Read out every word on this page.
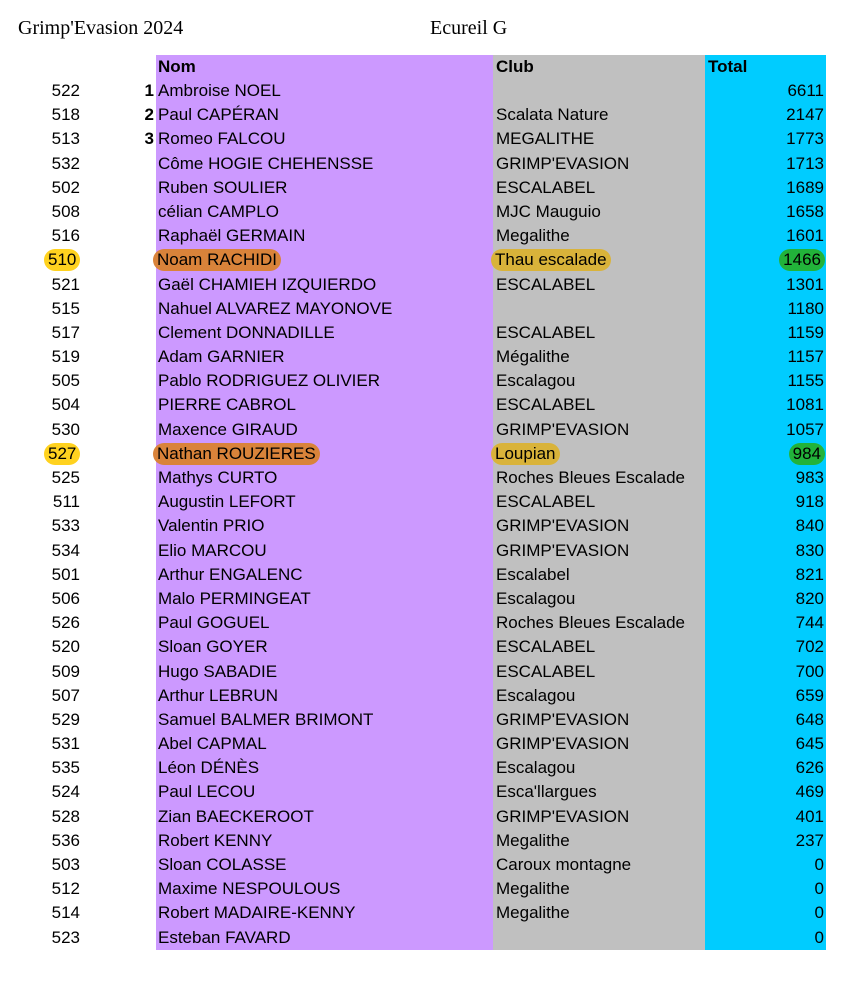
Grimp'Evasion 2024	Ecureil G
Nom	Club	Total
522	1 Ambroise NOEL	6611
518	2 Paul CAPÉRAN	Scalata Nature	2147
513	3 Romeo FALCOU	MEGALITHE	1773
532	Côme HOGIE CHEHENSSE	GRIMP'EVASION	1713
502	Ruben SOULIER	ESCALABEL	1689
508	célian CAMPLO	MJC Mauguio	1658
516	Raphaël GERMAIN	Megalithe	1601
510	Noam RACHIDI	Thau escalade	1466
521	Gaël CHAMIEH IZQUIERDO	ESCALABEL	1301
515	Nahuel ALVAREZ MAYONOVE	1180
517	Clement DONNADILLE	ESCALABEL	1159
519	Adam GARNIER	Mégalithe	1157
505	Pablo RODRIGUEZ OLIVIER	Escalagou	1155
504	PIERRE CABROL	ESCALABEL	1081
530	Maxence GIRAUD	GRIMP'EVASION	1057
527	Nathan ROUZIERES	Loupian	984
525	Mathys CURTO	Roches Bleues Escalade	983
511	Augustin LEFORT	ESCALABEL	918
533	Valentin PRIO	GRIMP'EVASION	840
534	Elio MARCOU	GRIMP'EVASION	830
501	Arthur ENGALENC	Escalabel	821
506	Malo PERMINGEAT	Escalagou	820
526	Paul GOGUEL	Roches Bleues Escalade	744
520	Sloan GOYER	ESCALABEL	702
509	Hugo SABADIE	ESCALABEL	700
507	Arthur LEBRUN	Escalagou	659
529	Samuel BALMER BRIMONT	GRIMP'EVASION	648
531	Abel CAPMAL	GRIMP'EVASION	645
535	Léon DÉNÈS	Escalagou	626
524	Paul LECOU	Esca'llargues	469
528	Zian BAECKEROOT	GRIMP'EVASION	401
536	Robert KENNY	Megalithe	237
503	Sloan COLASSE	Caroux montagne	0
512	Maxime NESPOULOUS	Megalithe	0
514	Robert MADAIRE-KENNY	Megalithe	0
523	Esteban FAVARD	0
